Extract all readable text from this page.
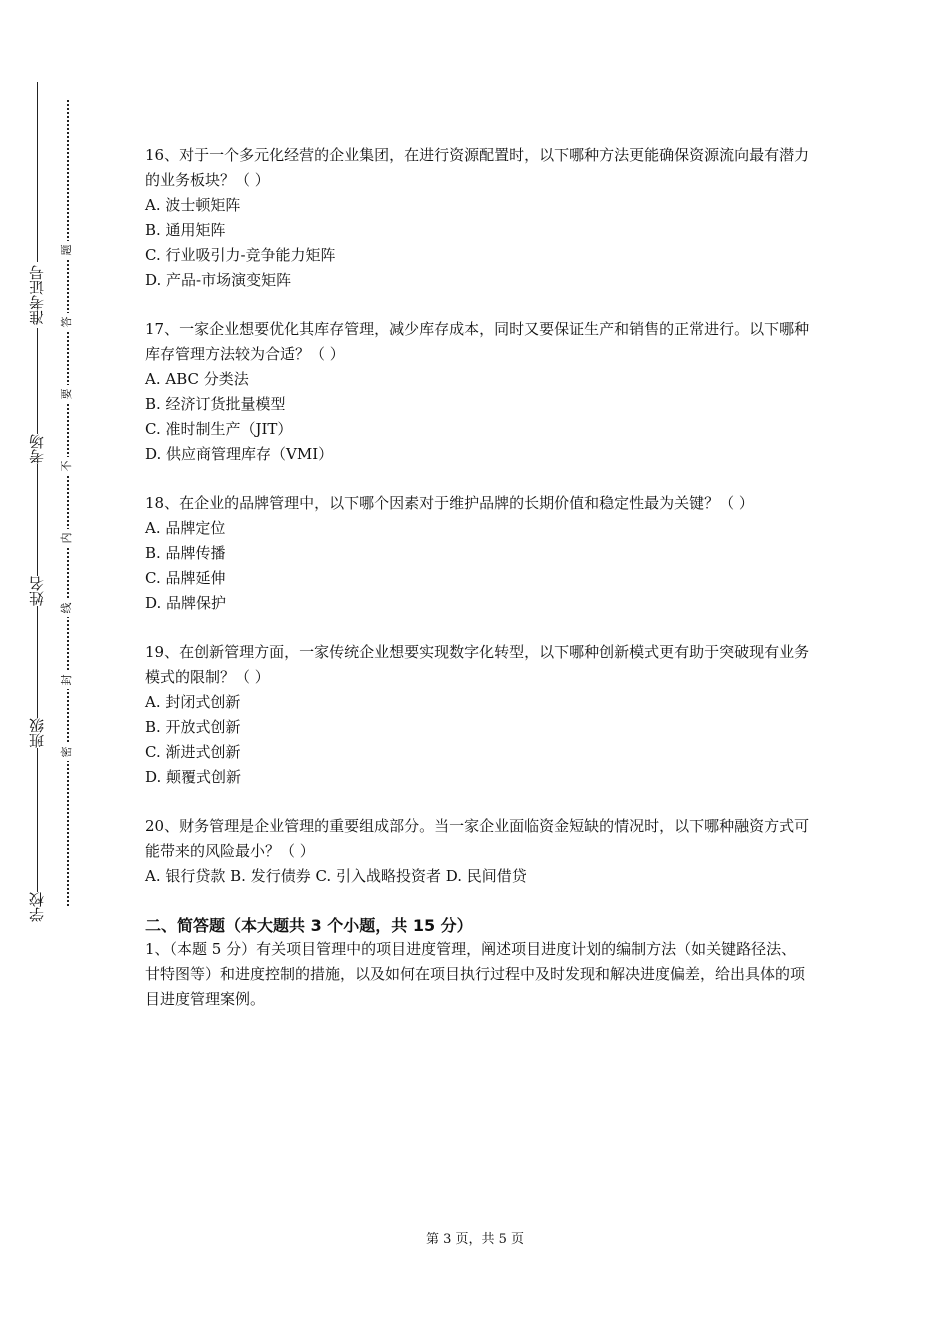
学校
班级
姓名
考场
准考证号
密
封
线
内
不
要
答
题

16、对于一个多元化经营的企业集团，在进行资源配置时，以下哪种方法更能确保资源流向最有潜力的业务板块？（ ）

A. 波士顿矩阵

B. 通用矩阵

C. 行业吸引力-竞争能力矩阵

D. 产品-市场演变矩阵

17、一家企业想要优化其库存管理，减少库存成本，同时又要保证生产和销售的正常进行。以下哪种库存管理方法较为合适？（ ）

A. ABC 分类法

B. 经济订货批量模型

C. 准时制生产（JIT）

D. 供应商管理库存（VMI）

18、在企业的品牌管理中，以下哪个因素对于维护品牌的长期价值和稳定性最为关键？（ ）

A. 品牌定位

B. 品牌传播

C. 品牌延伸

D. 品牌保护

19、在创新管理方面，一家传统企业想要实现数字化转型，以下哪种创新模式更有助于突破现有业务模式的限制？（ ）

A. 封闭式创新

B. 开放式创新

C. 渐进式创新

D. 颠覆式创新

20、财务管理是企业管理的重要组成部分。当一家企业面临资金短缺的情况时，以下哪种融资方式可能带来的风险最小？（ ）

A. 银行贷款 B. 发行债券 C. 引入战略投资者 D. 民间借贷

二、简答题（本大题共 3 个小题，共 15 分）

1、（本题 5 分）有关项目管理中的项目进度管理，阐述项目进度计划的编制方法（如关键路径法、甘特图等）和进度控制的措施，以及如何在项目执行过程中及时发现和解决进度偏差，给出具体的项目进度管理案例。

第 3 页，共 5 页
